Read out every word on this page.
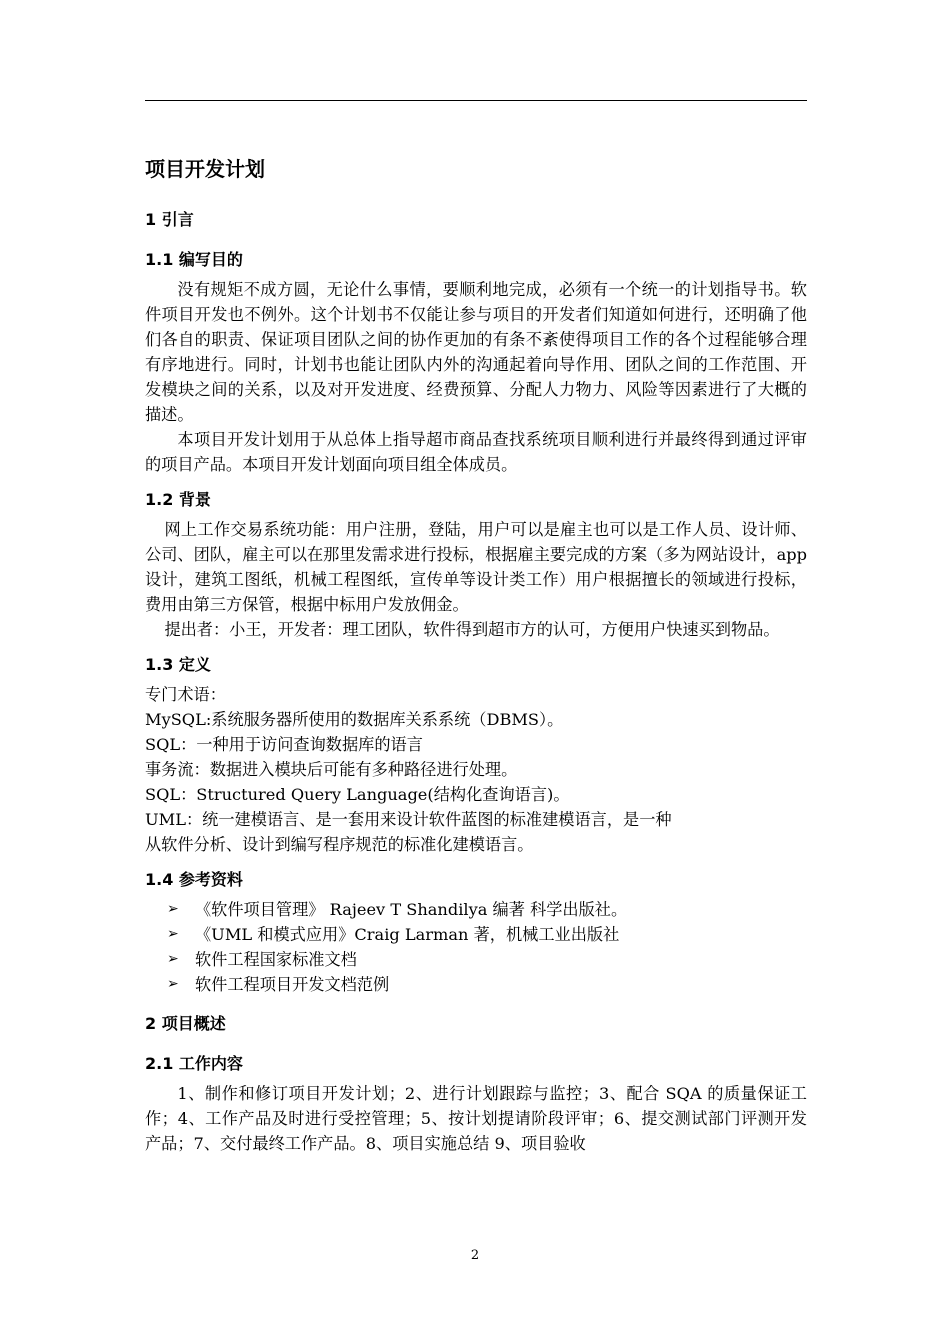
项目开发计划
1 引言
1.1 编写目的

没有规矩不成方圆，无论什么事情，要顺利地完成，必须有一个统一的计划指导书。软件项目开发也不例外。这个计划书不仅能让参与项目的开发者们知道如何进行，还明确了他们各自的职责、保证项目团队之间的协作更加的有条不紊使得项目工作的各个过程能够合理有序地进行。同时，计划书也能让团队内外的沟通起着向导作用、团队之间的工作范围、开发模块之间的关系，以及对开发进度、经费预算、分配人力物力、风险等因素进行了大概的描述。

本项目开发计划用于从总体上指导超市商品查找系统项目顺利进行并最终得到通过评审的项目产品。本项目开发计划面向项目组全体成员。

1.2 背景

网上工作交易系统功能：用户注册，登陆，用户可以是雇主也可以是工作人员、设计师、公司、团队，雇主可以在那里发需求进行投标，根据雇主要完成的方案（多为网站设计，app 设计，建筑工图纸，机械工程图纸，宣传单等设计类工作）用户根据擅长的领域进行投标，费用由第三方保管，根据中标用户发放佣金。

提出者：小王，开发者：理工团队，软件得到超市方的认可，方便用户快速买到物品。

1.3 定义

专门术语：

MySQL:系统服务器所使用的数据库关系系统（DBMS）。

SQL：一种用于访问查询数据库的语言

事务流：数据进入模块后可能有多种路径进行处理。

SQL：Structured Query Language(结构化查询语言)。

UML：统一建模语言、是一套用来设计软件蓝图的标准建模语言，是一种

从软件分析、设计到编写程序规范的标准化建模语言。

1.4 参考资料
➢	《软件项目管理》 Rajeev T Shandilya 编著 科学出版社。
➢	《UML 和模式应用》Craig Larman 著，机械工业出版社
➢	软件工程国家标准文档
➢	软件工程项目开发文档范例
2 项目概述
2.1 工作内容

1、制作和修订项目开发计划；2、进行计划跟踪与监控；3、配合 SQA 的质量保证工作；4、工作产品及时进行受控管理；5、按计划提请阶段评审；6、提交测试部门评测开发产品；7、交付最终工作产品。8、项目实施总结 9、项目验收

2
